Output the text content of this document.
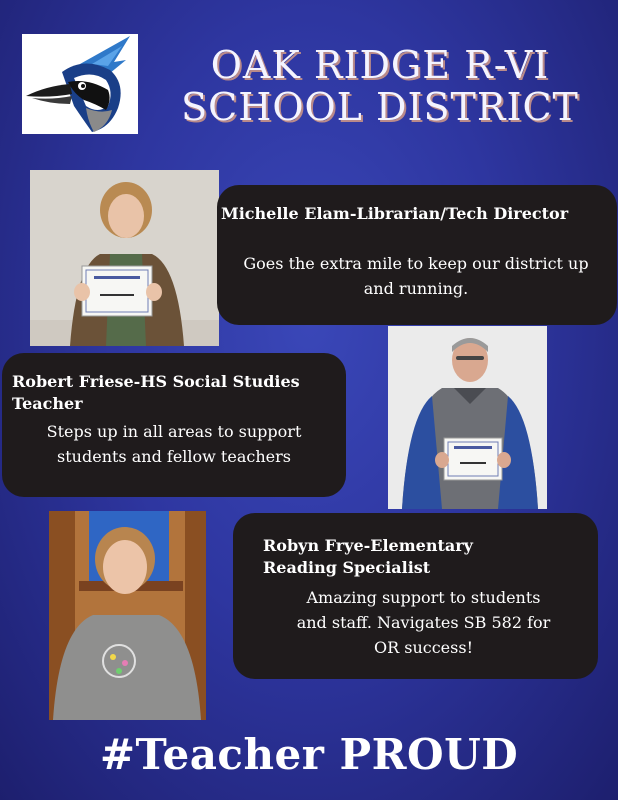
OAK RIDGE R-VI
SCHOOL DISTRICT
Michelle Elam-Librarian/Tech Director
Goes the extra mile to keep our district up and running.
Robert Friese-HS Social Studies
Teacher
Steps up in all areas to support
students and fellow teachers
Robyn Frye-Elementary
Reading Specialist
Amazing support to students
and staff. Navigates SB 582 for
OR success!
#Teacher PROUD
